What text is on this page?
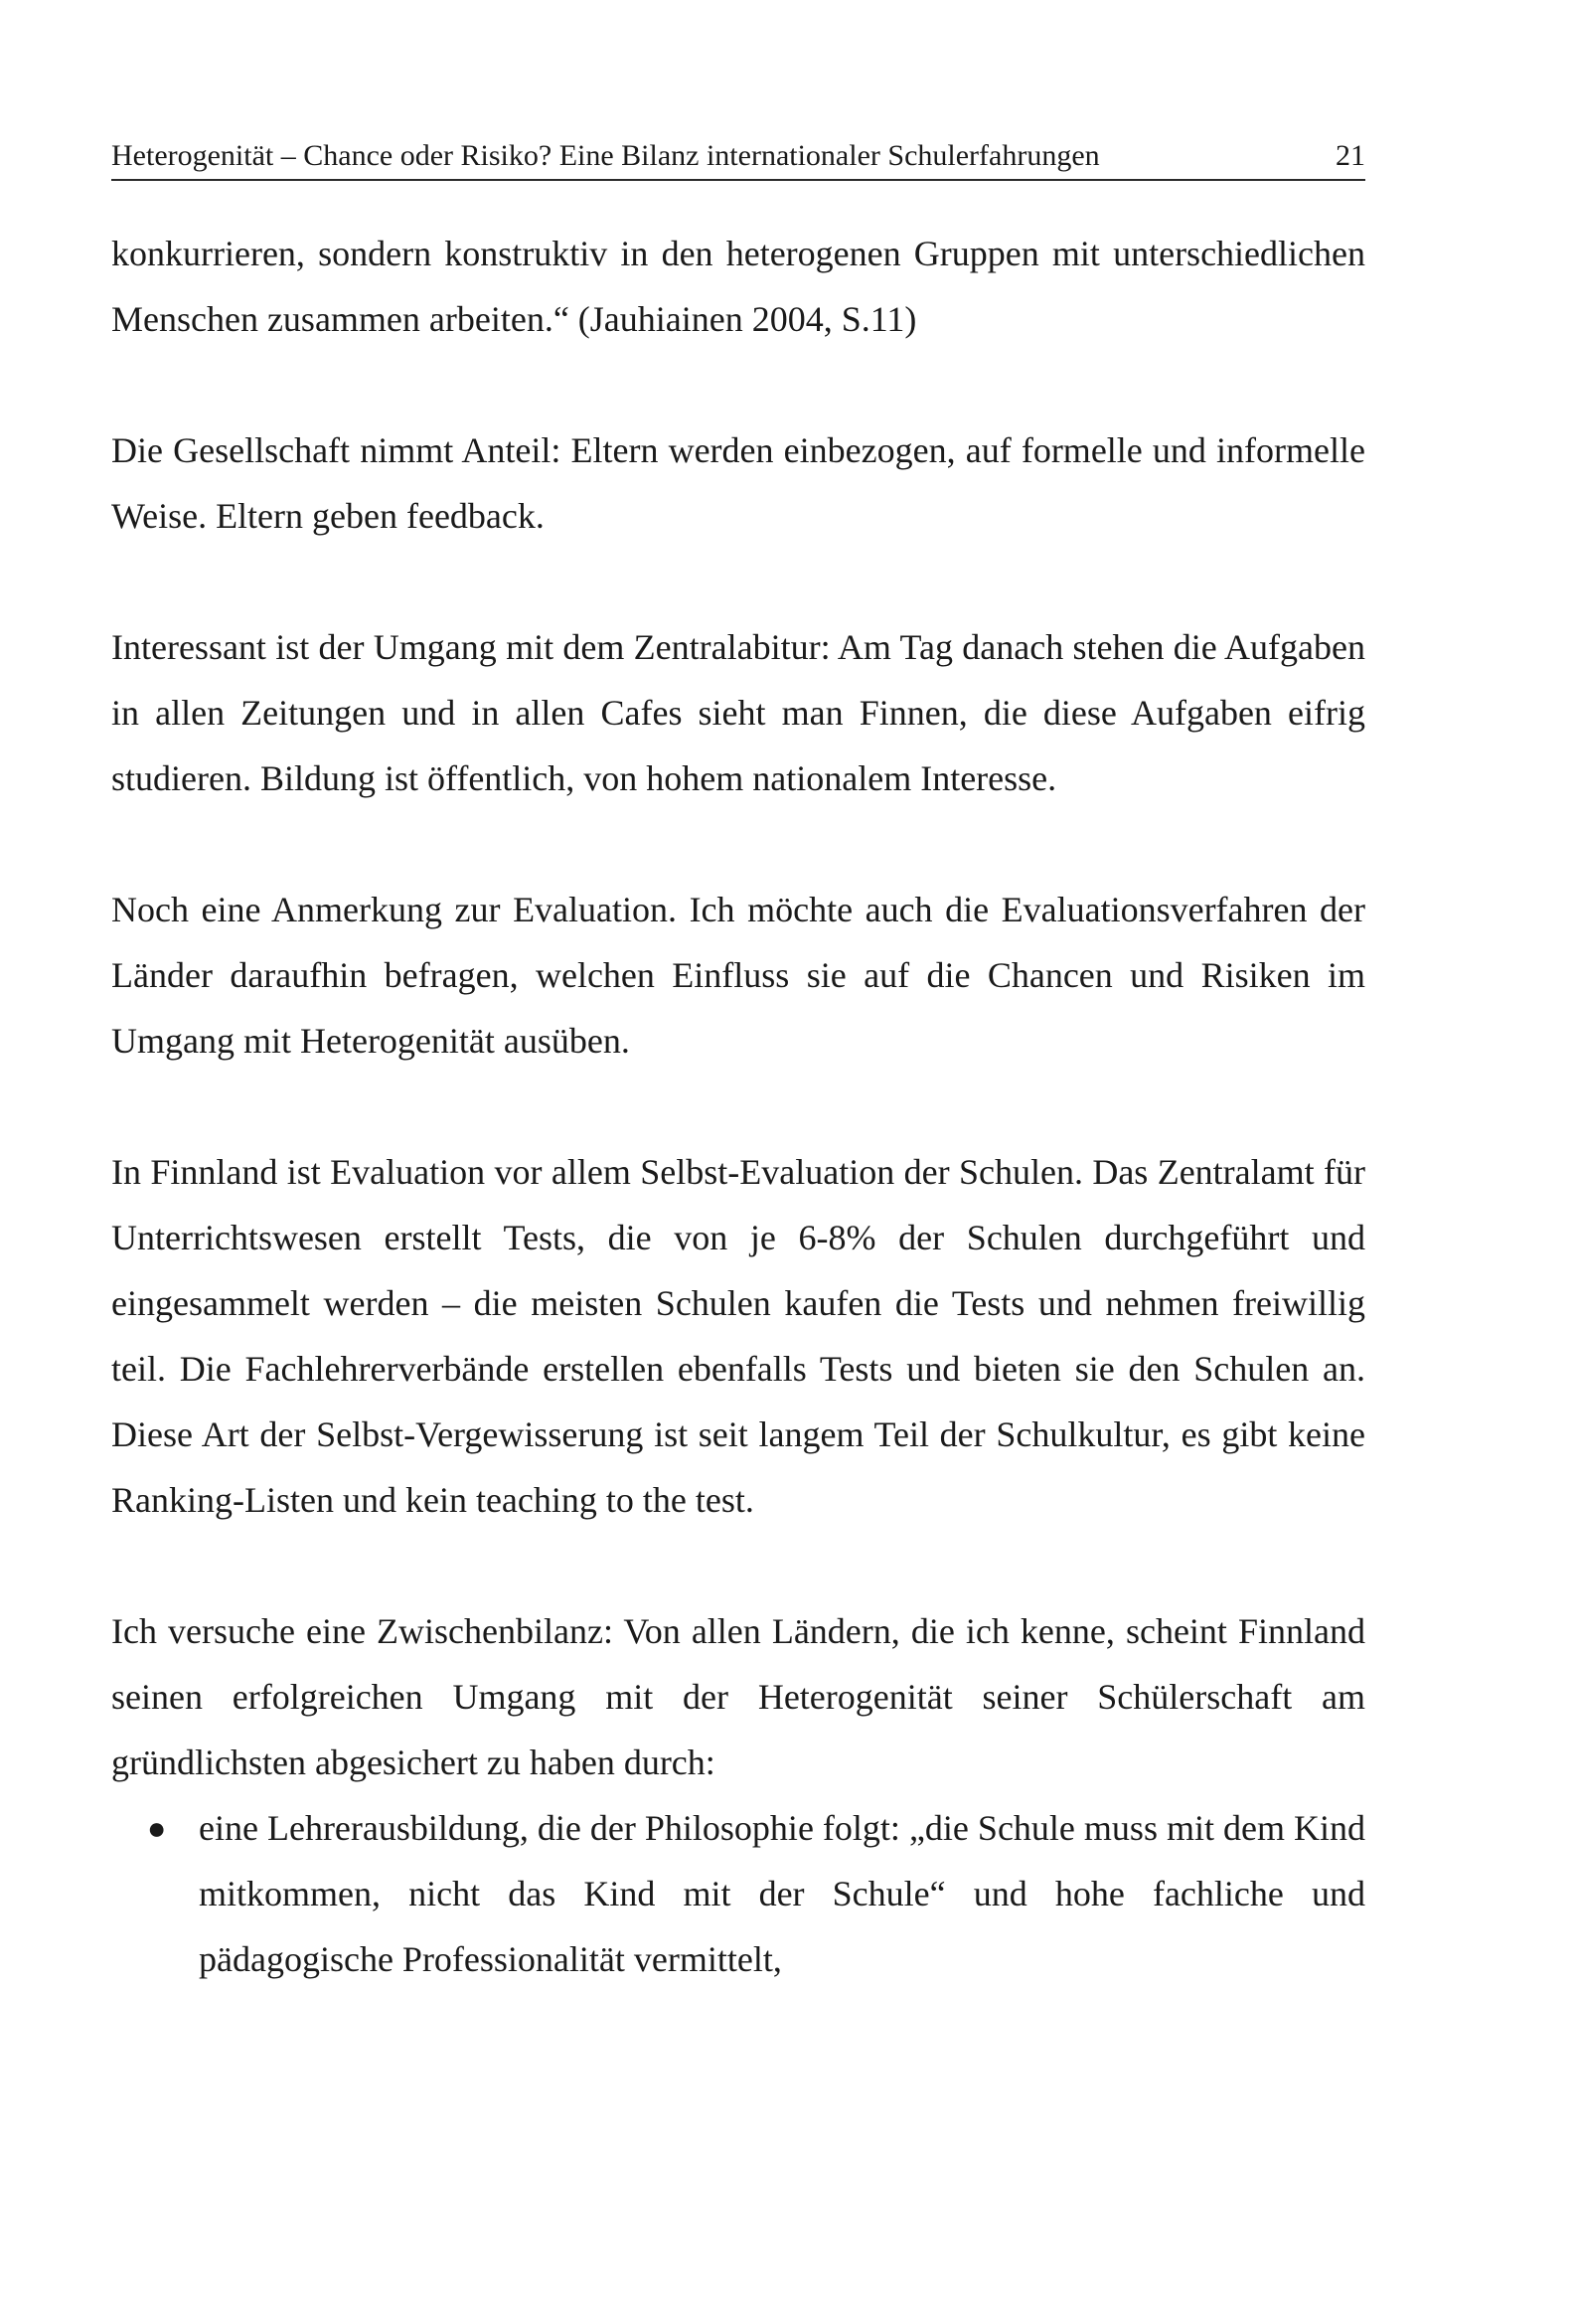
Heterogenität – Chance oder Risiko? Eine Bilanz internationaler Schulerfahrungen	21

konkurrieren, sondern konstruktiv in den heterogenen Gruppen mit unterschiedlichen Menschen zusammen arbeiten.“ (Jauhiainen 2004, S.11)

Die Gesellschaft nimmt Anteil: Eltern werden einbezogen, auf formelle und informelle Weise. Eltern geben feedback.

Interessant ist der Umgang mit dem Zentralabitur: Am Tag danach stehen die Aufgaben in allen Zeitungen und in allen Cafes sieht man Finnen, die diese Aufgaben eifrig studieren. Bildung ist öffentlich, von hohem nationalem Interesse.

Noch eine Anmerkung zur Evaluation. Ich möchte auch die Evaluationsverfahren der Länder daraufhin befragen, welchen Einfluss sie auf die Chancen und Risiken im Umgang mit Heterogenität ausüben.

In Finnland ist Evaluation vor allem Selbst-Evaluation der Schulen. Das Zentralamt für Unterrichtswesen erstellt Tests, die von je 6-8% der Schulen durchgeführt und eingesammelt werden – die meisten Schulen kaufen die Tests und nehmen freiwillig teil. Die Fachlehrerverbände erstellen ebenfalls Tests und bieten sie den Schulen an. Diese Art der Selbst-Vergewisserung ist seit langem Teil der Schulkultur, es gibt keine Ranking-Listen und kein teaching to the test.

Ich versuche eine Zwischenbilanz: Von allen Ländern, die ich kenne, scheint Finnland seinen erfolgreichen Umgang mit der Heterogenität seiner Schülerschaft am gründlichsten abgesichert zu haben durch:

● eine Lehrerausbildung, die der Philosophie folgt: „die Schule muss mit dem Kind mitkommen, nicht das Kind mit der Schule“ und hohe fachliche und pädagogische Professionalität vermittelt,
